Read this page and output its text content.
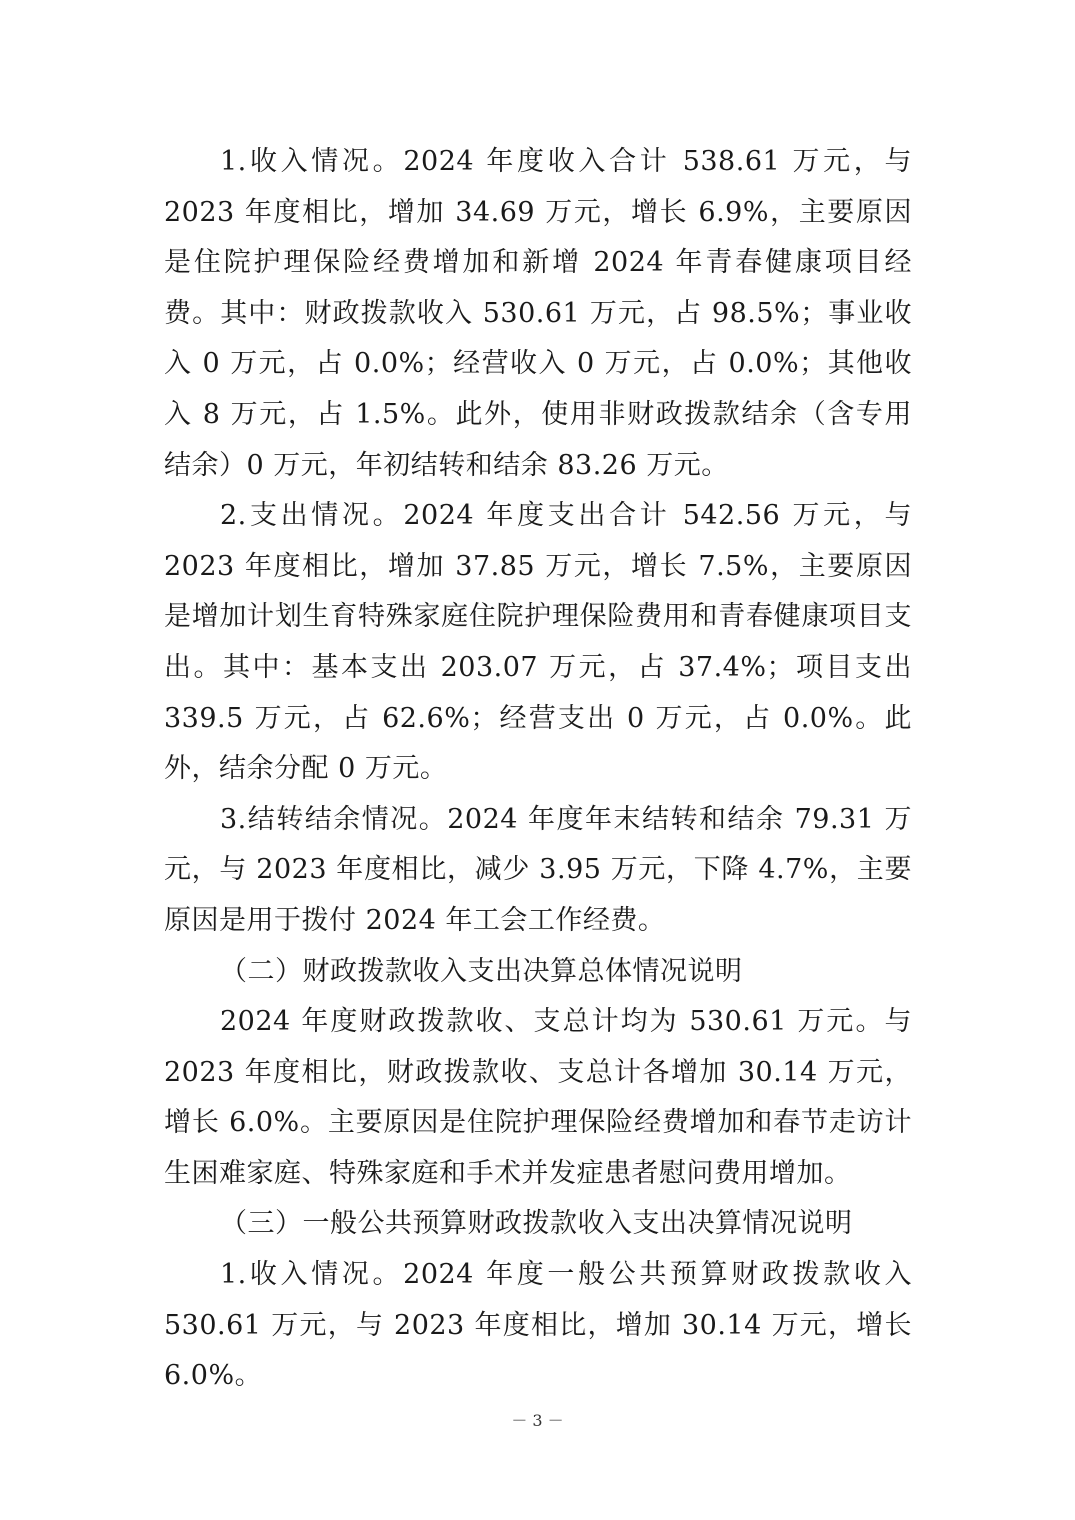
1.收入情况。2024 年度收入合计 538.61 万元，与 2023 年度相比，增加 34.69 万元，增长 6.9%，主要原因是住院护理保险经费增加和新增 2024 年青春健康项目经费。其中：财政拨款收入 530.61 万元，占 98.5%；事业收入 0 万元，占 0.0%；经营收入 0 万元，占 0.0%；其他收入 8 万元，占 1.5%。此外，使用非财政拨款结余（含专用结余）0 万元，年初结转和结余 83.26 万元。

2.支出情况。2024 年度支出合计 542.56 万元，与 2023 年度相比，增加 37.85 万元，增长 7.5%，主要原因是增加计划生育特殊家庭住院护理保险费用和青春健康项目支出。其中：基本支出 203.07 万元，占 37.4%；项目支出 339.5 万元，占 62.6%；经营支出 0 万元，占 0.0%。此外，结余分配 0 万元。

3.结转结余情况。2024 年度年末结转和结余 79.31 万元，与 2023 年度相比，减少 3.95 万元，下降 4.7%，主要原因是用于拨付 2024 年工会工作经费。

（二）财政拨款收入支出决算总体情况说明

2024 年度财政拨款收、支总计均为 530.61 万元。与 2023 年度相比，财政拨款收、支总计各增加 30.14 万元，增长 6.0%。主要原因是住院护理保险经费增加和春节走访计生困难家庭、特殊家庭和手术并发症患者慰问费用增加。

（三）一般公共预算财政拨款收入支出决算情况说明

1.收入情况。2024 年度一般公共预算财政拨款收入 530.61 万元，与 2023 年度相比，增加 30.14 万元，增长 6.0%。

－ 3 －
